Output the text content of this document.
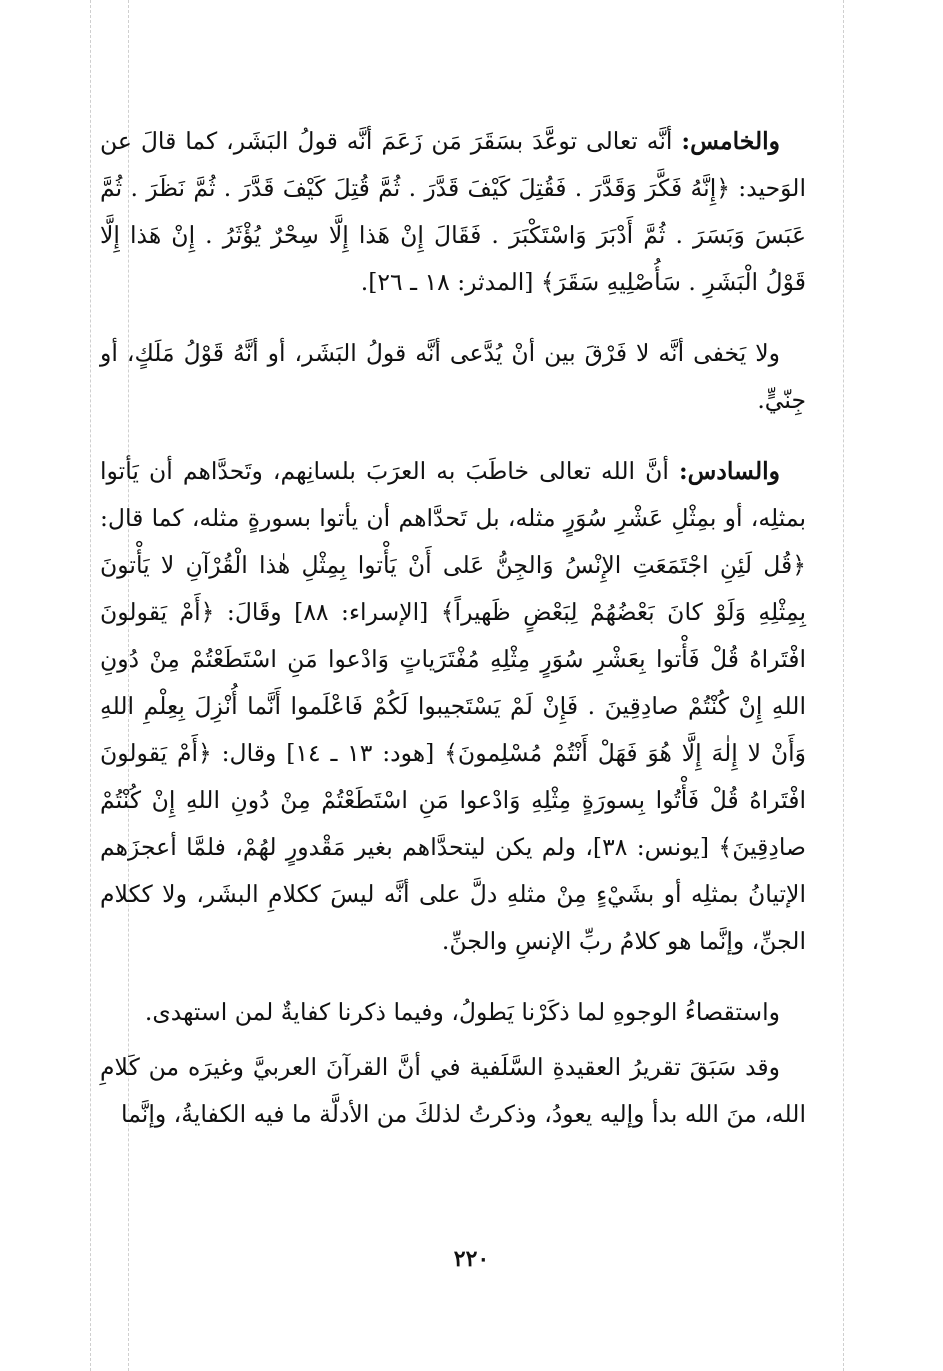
والخامس: أنَّه تعالى توعَّدَ بسَقَرَ مَن زَعَمَ أنَّه قولُ البَشَر، كما قالَ عن الوَحيد: ﴿إِنَّهُ فَكَّرَ وَقَدَّرَ . فَقُتِلَ كَيْفَ قَدَّرَ . ثُمَّ قُتِلَ كَيْفَ قَدَّرَ . ثُمَّ نَظَرَ . ثُمَّ عَبَسَ وَبَسَرَ . ثُمَّ أَدْبَرَ وَاسْتَكْبَرَ . فَقَالَ إِنْ هَذا إِلَّا سِحْرٌ يُؤْثَرُ . إِنْ هَذا إِلَّا قَوْلُ الْبَشَرِ . سَأُصْلِيهِ سَقَرَ﴾ [المدثر: ١٨ ـ ٢٦].

ولا يَخفى أنَّه لا فَرْقَ بين أنْ يُدَّعى أنَّه قولُ البَشَر، أو أنَّهُ قَوْلُ مَلَكٍ، أو جِنّيٍّ.

والسادس: أنَّ الله تعالى خاطَبَ به العرَبَ بلسانِهم، وتَحدَّاهم أن يَأتوا بمثلِه، أو بمِثْلِ عَشْرِ سُوَرٍ مثله، بل تَحدَّاهم أن يأتوا بسورةٍ مثله، كما قال: ﴿قُل لَئِنِ اجْتَمَعَتِ الإِنْسُ وَالجِنُّ عَلى أَنْ يَأْتوا بِمِثْلِ هٰذا الْقُرْآنِ لا يَأْتونَ بِمِثْلِهِ وَلَوْ كانَ بَعْضُهُمْ لِبَعْضٍ ظَهيراً﴾ [الإسراء: ٨٨] وقَالَ: ﴿أَمْ يَقولونَ افْتَراهُ قُلْ فَأْتوا بِعَشْرِ سُوَرٍ مِثْلِهِ مُفْتَرَياتٍ وَادْعوا مَنِ اسْتَطَعْتُمْ مِنْ دُونِ اللهِ إِنْ كُنْتُمْ صادِقِينَ . فَإِنْ لَمْ يَسْتَجيبوا لَكُمْ فَاعْلَموا أَنَّما أُنْزِلَ بِعِلْمِ اللهِ وَأَنْ لا إِلٰهَ إِلَّا هُوَ فَهَلْ أَنْتُمْ مُسْلِمونَ﴾ [هود: ١٣ ـ ١٤] وقال: ﴿أَمْ يَقولونَ افْتَراهُ قُلْ فَأْتُوا بِسورَةٍ مِثْلِهِ وَادْعوا مَنِ اسْتَطَعْتُمْ مِنْ دُونِ اللهِ إِنْ كُنْتُمْ صادِقِينَ﴾ [يونس: ٣٨]، ولم يكن ليتحدَّاهم بغير مَقْدورٍ لهُمْ، فلمَّا أعجزَهم الإتيانُ بمثلِه أو بشَيْءٍ مِنْ مثلهِ دلَّ على أنَّه ليسَ ككلامِ البشَر، ولا ككلام الجنِّ، وإنَّما هو كلامُ ربِّ الإنسِ والجنِّ.

واستقصاءُ الوجوهِ لما ذكَرْنا يَطولُ، وفيما ذكرنا كفايةٌ لمن استهدى.

وقد سَبَقَ تقريرُ العقيدةِ السَّلَفية في أنَّ القرآنَ العربيَّ وغيرَه من كَلامِ الله، منَ الله بدأ وإليه يعودُ، وذكرتُ لذلكَ من الأدلَّة ما فيه الكفايةُ، وإنَّما

٢٢٠
